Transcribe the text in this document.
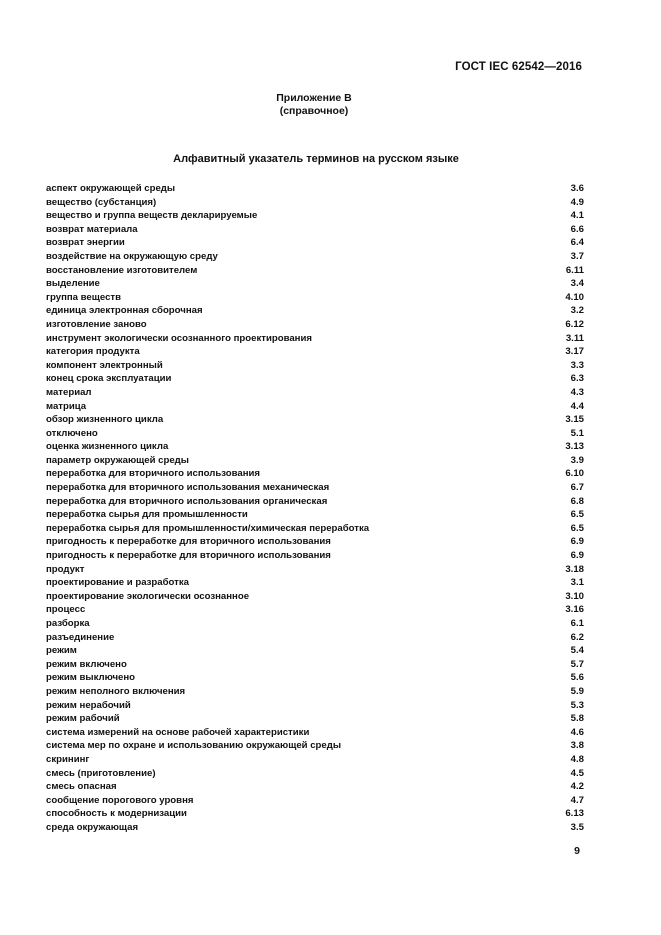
ГОСТ IEC 62542—2016
Приложение В
(справочное)
Алфавитный указатель терминов на русском языке
аспект окружающей среды	3.6
вещество (субстанция)	4.9
вещество и группа веществ декларируемые	4.1
возврат материала	6.6
возврат энергии	6.4
воздействие на окружающую среду	3.7
восстановление изготовителем	6.11
выделение	3.4
группа веществ	4.10
единица электронная сборочная	3.2
изготовление заново	6.12
инструмент экологически осознанного проектирования	3.11
категория продукта	3.17
компонент электронный	3.3
конец срока эксплуатации	6.3
материал	4.3
матрица	4.4
обзор жизненного цикла	3.15
отключено	5.1
оценка жизненного цикла	3.13
параметр окружающей среды	3.9
переработка для вторичного использования	6.10
переработка для вторичного использования механическая	6.7
переработка для вторичного использования органическая	6.8
переработка сырья для промышленности	6.5
переработка сырья для промышленности/химическая переработка	6.5
пригодность к переработке для вторичного использования	6.9
пригодность к переработке для вторичного использования	6.9
продукт	3.18
проектирование и разработка	3.1
проектирование экологически осознанное	3.10
процесс	3.16
разборка	6.1
разъединение	6.2
режим	5.4
режим включено	5.7
режим выключено	5.6
режим неполного включения	5.9
режим нерабочий	5.3
режим рабочий	5.8
система измерений на основе рабочей характеристики	4.6
система мер по охране и использованию окружающей среды	3.8
скрининг	4.8
смесь (приготовление)	4.5
смесь опасная	4.2
сообщение порогового уровня	4.7
способность к модернизации	6.13
среда окружающая	3.5
9
